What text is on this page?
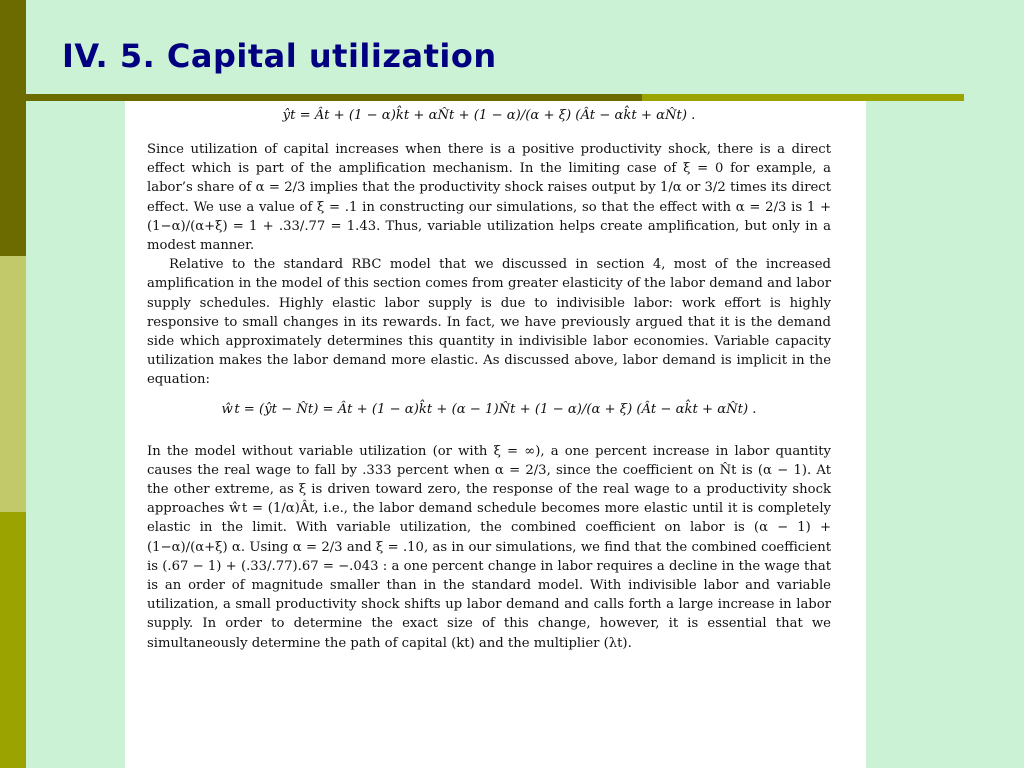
IV. 5. Capital utilization
ŷt = Ât + (1 − α)k̂t + αN̂t + (1 − α)/(α + ξ) (Ât − αk̂t + αN̂t) .

Since utilization of capital increases when there is a positive productivity shock, there is a direct effect which is part of the amplification mechanism. In the limiting case of ξ = 0 for example, a labor’s share of α = 2/3 implies that the productivity shock raises output by 1/α or 3/2 times its direct effect. We use a value of ξ = .1 in constructing our simulations, so that the effect with α = 2/3 is 1 + (1−α)/(α+ξ) = 1 + .33/.77 = 1.43. Thus, variable utilization helps create amplification, but only in a modest manner.

Relative to the standard RBC model that we discussed in section 4, most of the increased amplification in the model of this section comes from greater elasticity of the labor demand and labor supply schedules. Highly elastic labor supply is due to indivisible labor: work effort is highly responsive to small changes in its rewards. In fact, we have previously argued that it is the demand side which approximately determines this quantity in indivisible labor economies. Variable capacity utilization makes the labor demand more elastic. As discussed above, labor demand is implicit in the equation:

ŵt = (ŷt − N̂t) = Ât + (1 − α)k̂t + (α − 1)N̂t + (1 − α)/(α + ξ) (Ât − αk̂t + αN̂t) .

In the model without variable utilization (or with ξ = ∞), a one percent increase in labor quantity causes the real wage to fall by .333 percent when α = 2/3, since the coefficient on N̂t is (α − 1). At the other extreme, as ξ is driven toward zero, the response of the real wage to a productivity shock approaches ŵt = (1/α)Ât, i.e., the labor demand schedule becomes more elastic until it is completely elastic in the limit. With variable utilization, the combined coefficient on labor is (α − 1) + (1−α)/(α+ξ) α. Using α = 2/3 and ξ = .10, as in our simulations, we find that the combined coefficient is (.67 − 1) + (.33/.77).67 = −.043 : a one percent change in labor requires a decline in the wage that is an order of magnitude smaller than in the standard model. With indivisible labor and variable utilization, a small productivity shock shifts up labor demand and calls forth a large increase in labor supply. In order to determine the exact size of this change, however, it is essential that we simultaneously determine the path of capital (kt) and the multiplier (λt).
